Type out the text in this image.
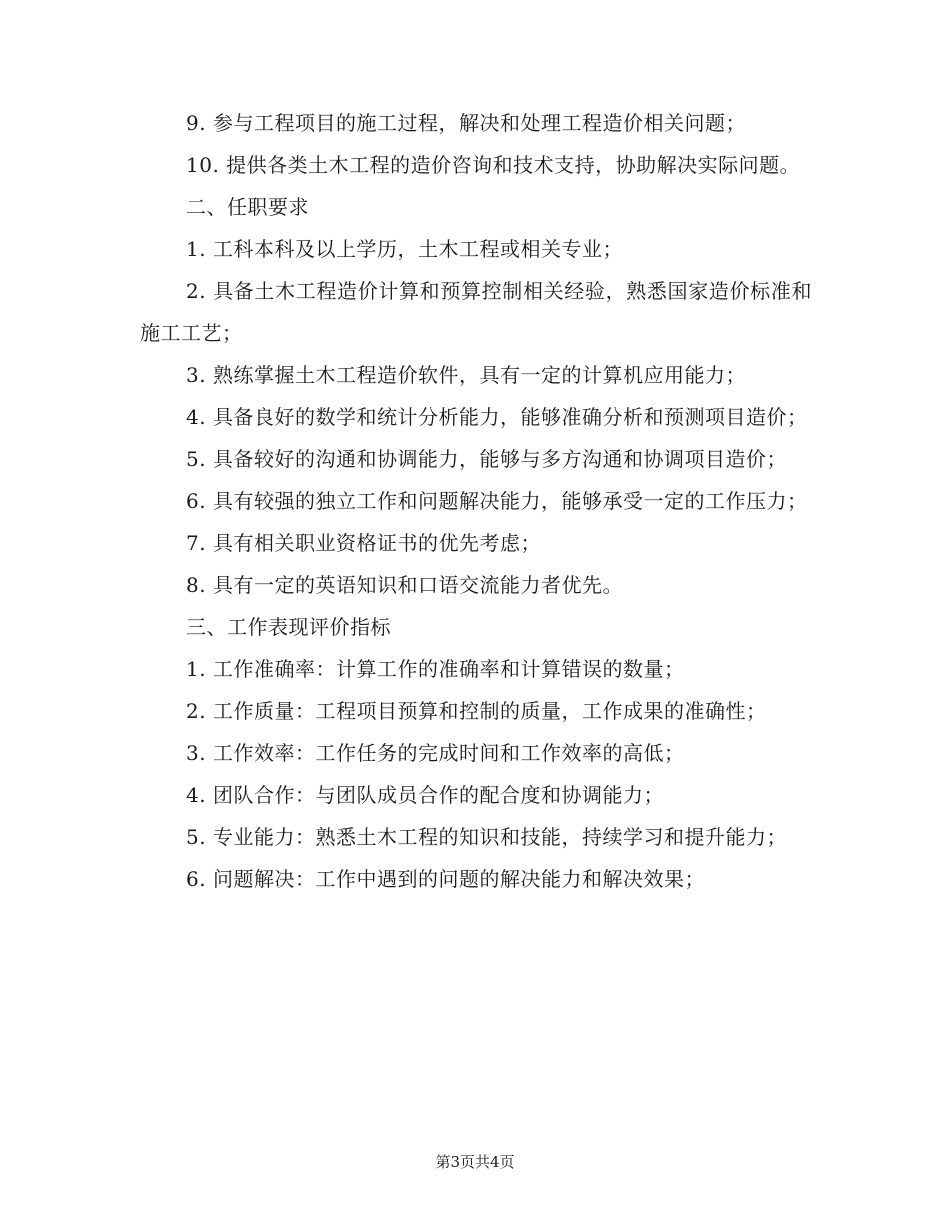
9. 参与工程项目的施工过程，解决和处理工程造价相关问题；

10. 提供各类土木工程的造价咨询和技术支持，协助解决实际问题。

二、任职要求

1. 工科本科及以上学历，土木工程或相关专业；

2. 具备土木工程造价计算和预算控制相关经验，熟悉国家造价标准和施工工艺；

3. 熟练掌握土木工程造价软件，具有一定的计算机应用能力；

4. 具备良好的数学和统计分析能力，能够准确分析和预测项目造价；

5. 具备较好的沟通和协调能力，能够与多方沟通和协调项目造价；

6. 具有较强的独立工作和问题解决能力，能够承受一定的工作压力；

7. 具有相关职业资格证书的优先考虑；

8. 具有一定的英语知识和口语交流能力者优先。

三、工作表现评价指标

1. 工作准确率：计算工作的准确率和计算错误的数量；

2. 工作质量：工程项目预算和控制的质量，工作成果的准确性；

3. 工作效率：工作任务的完成时间和工作效率的高低；

4. 团队合作：与团队成员合作的配合度和协调能力；

5. 专业能力：熟悉土木工程的知识和技能，持续学习和提升能力；

6. 问题解决：工作中遇到的问题的解决能力和解决效果；

第3页共4页
